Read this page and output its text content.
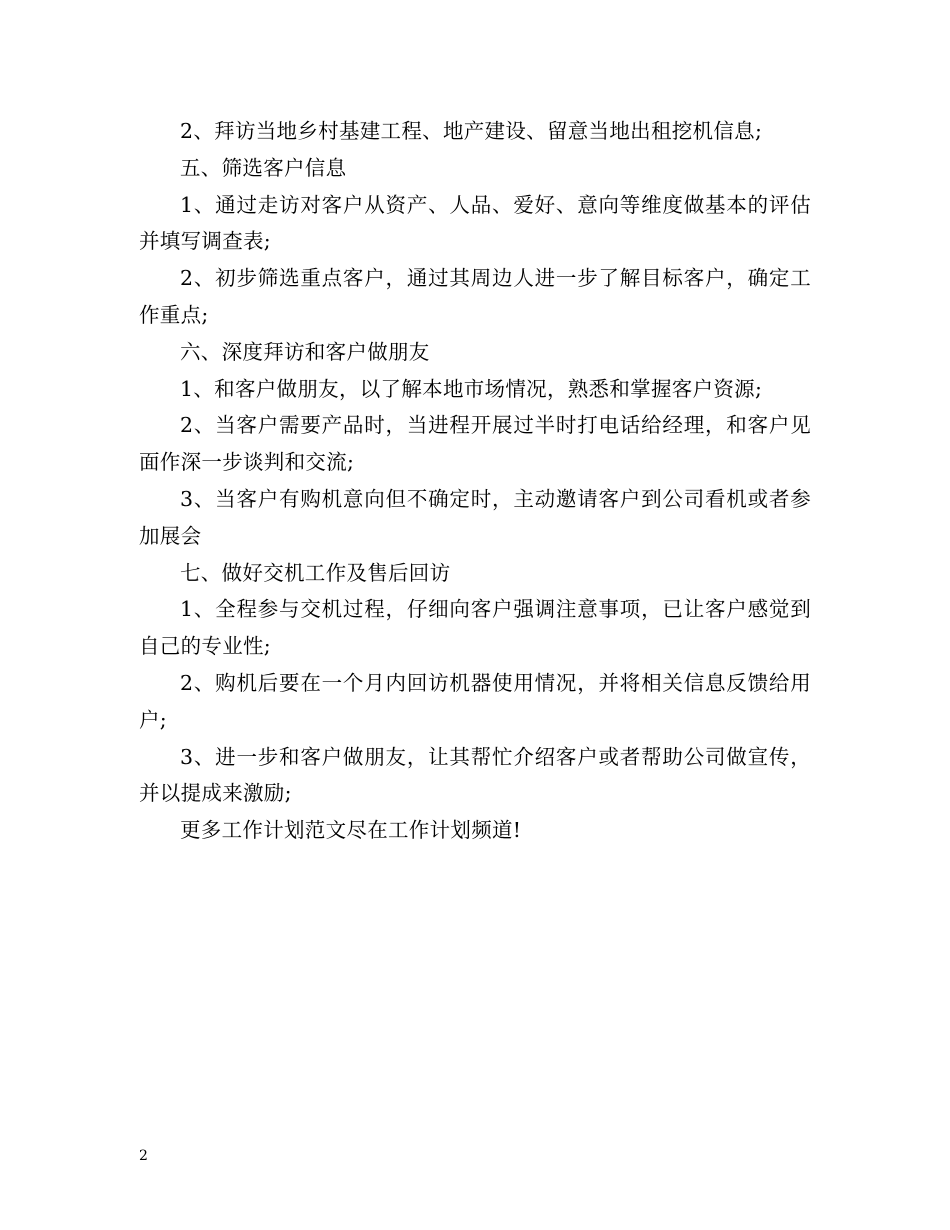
2、拜访当地乡村基建工程、地产建设、留意当地出租挖机信息;

五、筛选客户信息

1、通过走访对客户从资产、人品、爱好、意向等维度做基本的评估并填写调查表;

2、初步筛选重点客户，通过其周边人进一步了解目标客户，确定工作重点;

六、深度拜访和客户做朋友

1、和客户做朋友，以了解本地市场情况，熟悉和掌握客户资源;

2、当客户需要产品时，当进程开展过半时打电话给经理，和客户见面作深一步谈判和交流;

3、当客户有购机意向但不确定时，主动邀请客户到公司看机或者参加展会

七、做好交机工作及售后回访

1、全程参与交机过程，仔细向客户强调注意事项，已让客户感觉到自己的专业性;

2、购机后要在一个月内回访机器使用情况，并将相关信息反馈给用户;

3、进一步和客户做朋友，让其帮忙介绍客户或者帮助公司做宣传，并以提成来激励;

更多工作计划范文尽在工作计划频道!

2
